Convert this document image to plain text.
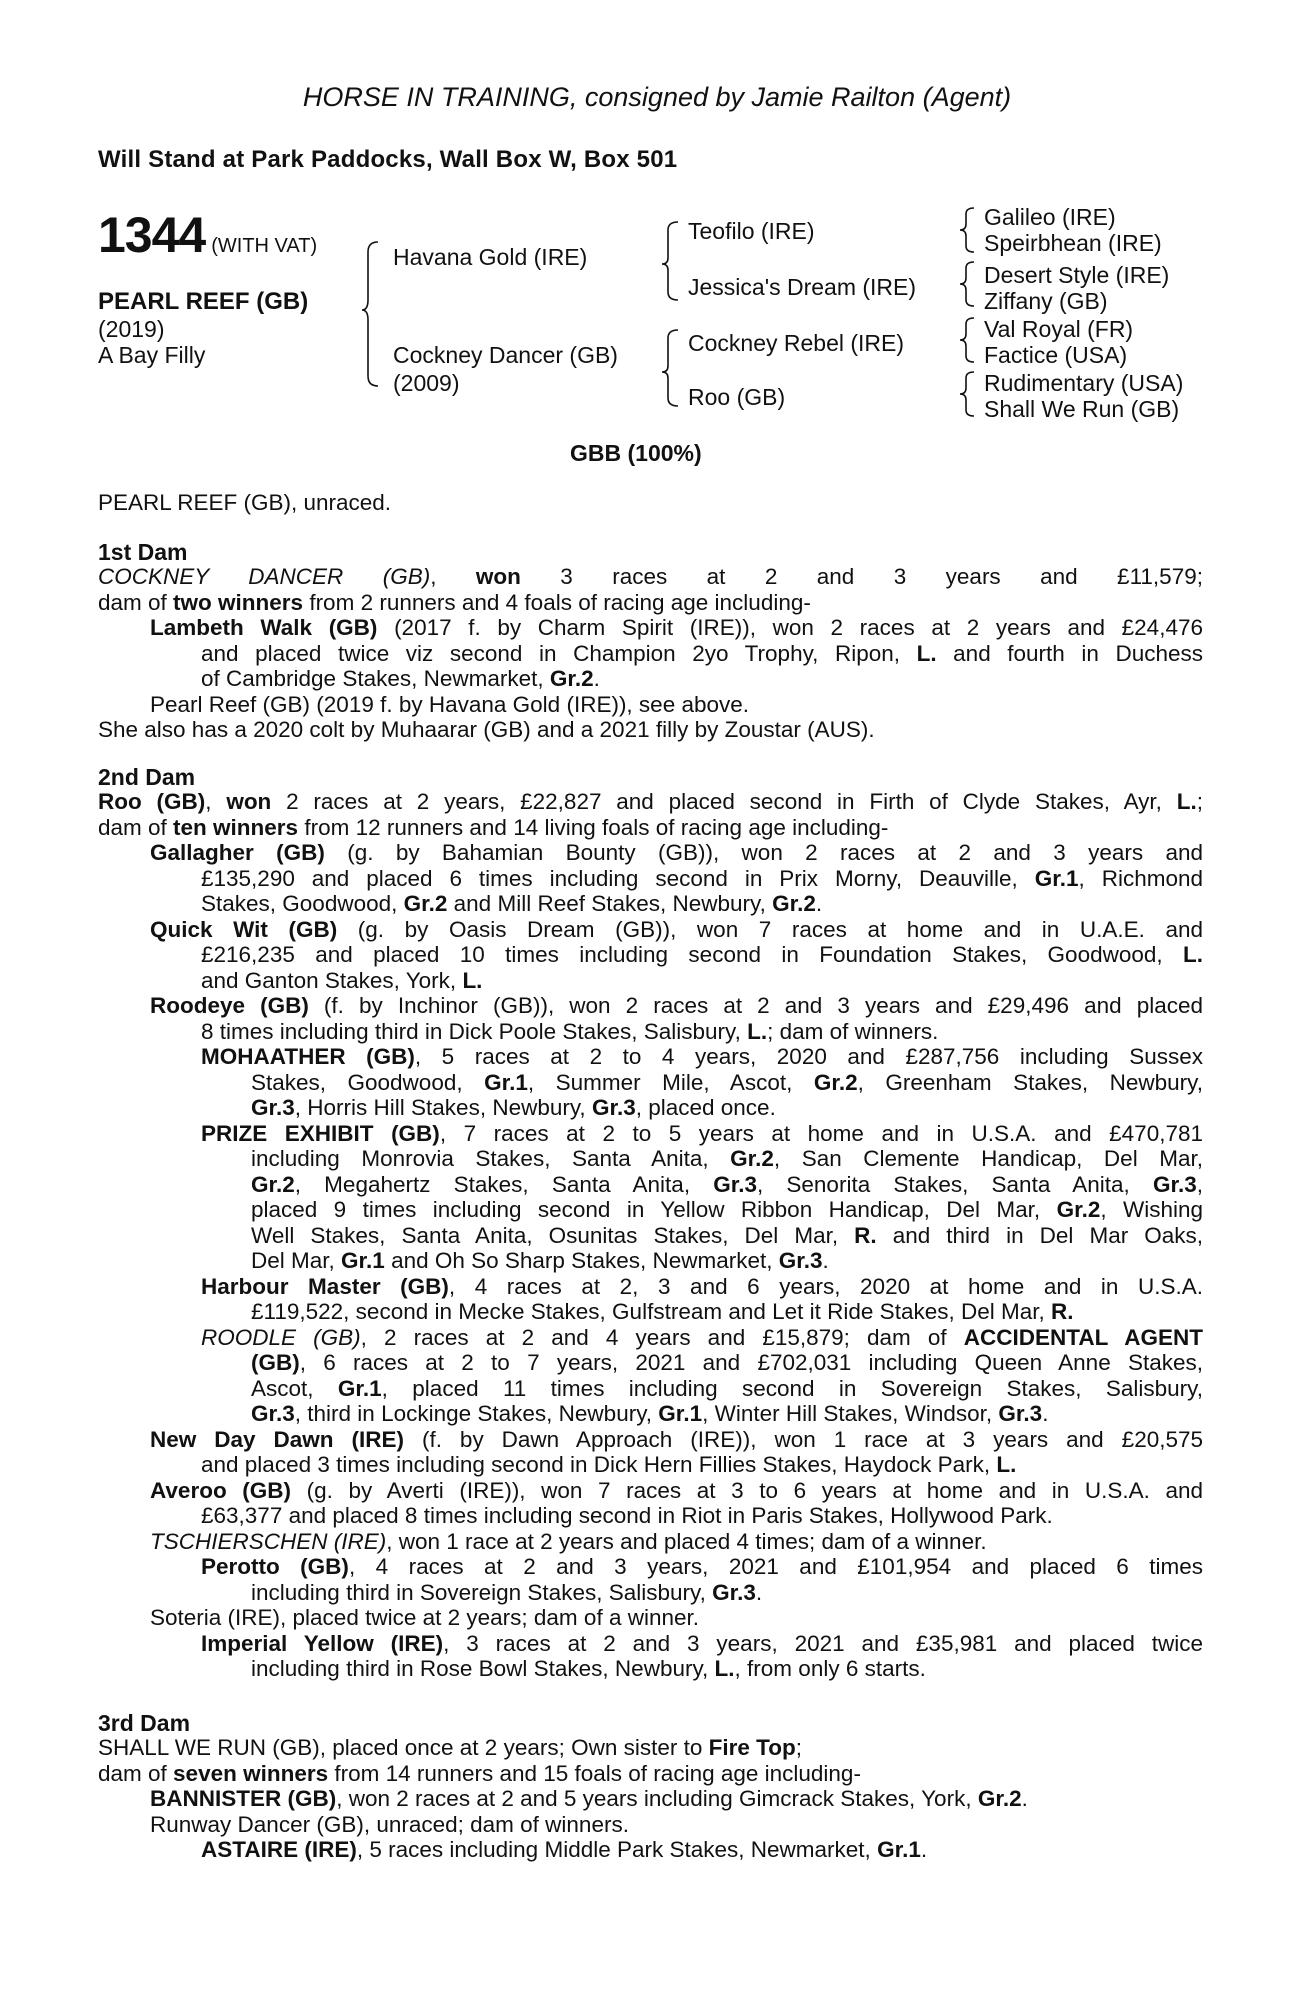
HORSE IN TRAINING, consigned by Jamie Railton (Agent)
Will Stand at Park Paddocks, Wall Box W, Box 501
1344 (WITH VAT)
PEARL REEF (GB)
(2019)
A Bay Filly
Havana Gold (IRE)
Cockney Dancer (GB)
(2009)
Teofilo (IRE)
Jessica's Dream (IRE)
Cockney Rebel (IRE)
Roo (GB)
Galileo (IRE)
Speirbhean (IRE)
Desert Style (IRE)
Ziffany (GB)
Val Royal (FR)
Factice (USA)
Rudimentary (USA)
Shall We Run (GB)
GBB (100%)
PEARL REEF (GB), unraced.
1st Dam
COCKNEY DANCER (GB), won 3 races at 2 and 3 years and £11,579;
dam of two winners from 2 runners and 4 foals of racing age including-
Lambeth Walk (GB) (2017 f. by Charm Spirit (IRE)), won 2 races at 2 years and £24,476
and placed twice viz second in Champion 2yo Trophy, Ripon, L. and fourth in Duchess
of Cambridge Stakes, Newmarket, Gr.2.
Pearl Reef (GB) (2019 f. by Havana Gold (IRE)), see above.
She also has a 2020 colt by Muhaarar (GB) and a 2021 filly by Zoustar (AUS).
2nd Dam
Roo (GB), won 2 races at 2 years, £22,827 and placed second in Firth of Clyde Stakes, Ayr, L.;
dam of ten winners from 12 runners and 14 living foals of racing age including-
Gallagher (GB) (g. by Bahamian Bounty (GB)), won 2 races at 2 and 3 years and
£135,290 and placed 6 times including second in Prix Morny, Deauville, Gr.1, Richmond
Stakes, Goodwood, Gr.2 and Mill Reef Stakes, Newbury, Gr.2.
Quick Wit (GB) (g. by Oasis Dream (GB)), won 7 races at home and in U.A.E. and
£216,235 and placed 10 times including second in Foundation Stakes, Goodwood, L.
and Ganton Stakes, York, L.
Roodeye (GB) (f. by Inchinor (GB)), won 2 races at 2 and 3 years and £29,496 and placed
8 times including third in Dick Poole Stakes, Salisbury, L.; dam of winners.
MOHAATHER (GB), 5 races at 2 to 4 years, 2020 and £287,756 including Sussex
Stakes, Goodwood, Gr.1, Summer Mile, Ascot, Gr.2, Greenham Stakes, Newbury,
Gr.3, Horris Hill Stakes, Newbury, Gr.3, placed once.
PRIZE EXHIBIT (GB), 7 races at 2 to 5 years at home and in U.S.A. and £470,781
including Monrovia Stakes, Santa Anita, Gr.2, San Clemente Handicap, Del Mar,
Gr.2, Megahertz Stakes, Santa Anita, Gr.3, Senorita Stakes, Santa Anita, Gr.3,
placed 9 times including second in Yellow Ribbon Handicap, Del Mar, Gr.2, Wishing
Well Stakes, Santa Anita, Osunitas Stakes, Del Mar, R. and third in Del Mar Oaks,
Del Mar, Gr.1 and Oh So Sharp Stakes, Newmarket, Gr.3.
Harbour Master (GB), 4 races at 2, 3 and 6 years, 2020 at home and in U.S.A.
£119,522, second in Mecke Stakes, Gulfstream and Let it Ride Stakes, Del Mar, R.
ROODLE (GB), 2 races at 2 and 4 years and £15,879; dam of ACCIDENTAL AGENT
(GB), 6 races at 2 to 7 years, 2021 and £702,031 including Queen Anne Stakes,
Ascot, Gr.1, placed 11 times including second in Sovereign Stakes, Salisbury,
Gr.3, third in Lockinge Stakes, Newbury, Gr.1, Winter Hill Stakes, Windsor, Gr.3.
New Day Dawn (IRE) (f. by Dawn Approach (IRE)), won 1 race at 3 years and £20,575
and placed 3 times including second in Dick Hern Fillies Stakes, Haydock Park, L.
Averoo (GB) (g. by Averti (IRE)), won 7 races at 3 to 6 years at home and in U.S.A. and
£63,377 and placed 8 times including second in Riot in Paris Stakes, Hollywood Park.
TSCHIERSCHEN (IRE), won 1 race at 2 years and placed 4 times; dam of a winner.
Perotto (GB), 4 races at 2 and 3 years, 2021 and £101,954 and placed 6 times
including third in Sovereign Stakes, Salisbury, Gr.3.
Soteria (IRE), placed twice at 2 years; dam of a winner.
Imperial Yellow (IRE), 3 races at 2 and 3 years, 2021 and £35,981 and placed twice
including third in Rose Bowl Stakes, Newbury, L., from only 6 starts.
3rd Dam
SHALL WE RUN (GB), placed once at 2 years; Own sister to Fire Top;
dam of seven winners from 14 runners and 15 foals of racing age including-
BANNISTER (GB), won 2 races at 2 and 5 years including Gimcrack Stakes, York, Gr.2.
Runway Dancer (GB), unraced; dam of winners.
ASTAIRE (IRE), 5 races including Middle Park Stakes, Newmarket, Gr.1.
